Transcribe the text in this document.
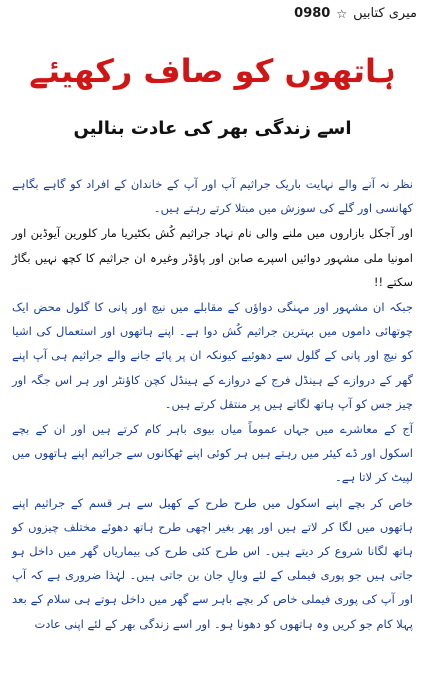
میری کتابیں
☆
0980
ہاتھوں کو صاف رکھیئے
اسے زندگی بھر کی عادت بنالیں

نظر نہ آنے والے نہایت باریک جراثیم آپ اور آپ کے خاندان کے افراد کو گاہے بگاہے کھانسی اور گلے کی سوزش میں مبتلا کرتے رہتے ہیں۔

اور آجکل بازاروں میں ملنے والی نام نہاد جراثیم کُش بکٹیریا مار کلورین آیوڈین اور امونیا ملی مشہور دوائیں اسپرے صابن اور پاؤڈر وغیرہ ان جراثیم کا کچھ نہیں بگاڑ سکتے !!

جبکہ ان مشہور اور مہنگی دواؤں کے مقابلے میں نیچ اور پانی کا گلول محض ایک چوتھائی داموں میں بہترین جراثیم کُش دوا ہے۔ اپنے ہاتھوں اور استعمال کی اشیا کو نیچ اور پانی کے گلول سے دھوئیے کیونکہ ان پر پائے جانے والے جراثیم ہی آپ اپنے گھر کے دروازے کے ہینڈل فرج کے دروازے کے ہینڈل کچن کاؤنٹر اور ہر اس جگہ اور چیز جس کو آپ ہاتھ لگاتے ہیں پر منتقل کرتے ہیں۔

آج کے معاشرے میں جہاں عموماً میاں بیوی باہر کام کرتے ہیں اور ان کے بچے اسکول اور ڈے کیئر میں رہتے ہیں ہر کوئی اپنے ٹھکانوں سے جراثیم اپنے ہاتھوں میں لپیٹ کر لاتا ہے۔

خاص کر بچے اپنے اسکول میں طرح طرح کے کھیل سے ہر قسم کے جراثیم اپنے ہاتھوں میں لگا کر لاتے ہیں اور پھر بغیر اچھی طرح ہاتھ دھوئے مختلف چیزوں کو ہاتھ لگانا شروع کر دیتے ہیں۔ اس طرح کئی طرح کی بیماریاں گھر میں داخل ہو جاتی ہیں جو پوری فیملی کے لئے وبالِ جان بن جاتی ہیں۔ لہٰذا ضروری ہے کہ آپ اور آپ کی پوری فیملی خاص کر بچے باہر سے گھر میں داخل ہوتے ہی سلام کے بعد پہلا کام جو کریں وہ ہاتھوں کو دھونا ہو۔ اور اسے زندگی بھر کے لئے اپنی عادت
